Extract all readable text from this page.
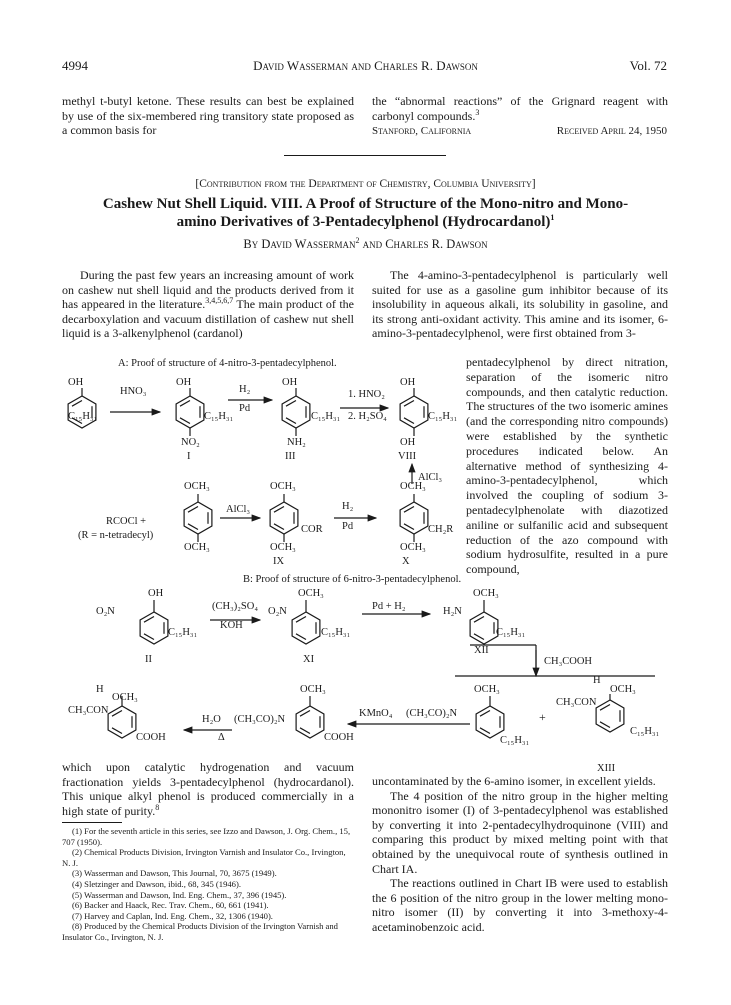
4994	David Wasserman and Charles R. Dawson	Vol. 72

methyl t-butyl ketone. These results can best be explained by use of the six-membered ring transitory state proposed as a common basis for

the “abnormal reactions” of the Grignard reagent with carbonyl compounds.$^3$

Stanford, California	Received April 24, 1950
[Contribution from the Department of Chemistry, Columbia University]
Cashew Nut Shell Liquid. VIII. A Proof of Structure of the Mono-nitro and Mono-
amino Derivatives of 3-Pentadecylphenol (Hydrocardanol)$^1$
By David Wasserman$^2$ and Charles R. Dawson

During the past few years an increasing amount of work on cashew nut shell liquid and the products derived from it has appeared in the literature.$^{3,4,5,6,7}$ The main product of the decarboxylation and vacuum distillation of cashew nut shell liquid is a 3-alkenylphenol (cardanol)

The 4-amino-3-pentadecylphenol is particularly well suited for use as a gasoline gum inhibitor because of its insolubility in aqueous alkali, its solubility in gasoline, and its strong anti-oxidant activity. This amine and its isomer, 6-amino-3-pentadecylphenol, were first obtained from 3-

pentadecylphenol by direct nitration, separation of the isomeric nitro compounds, and then catalytic reduction. The structures of the two isomeric amines (and the corresponding nitro compounds) were established by the synthetic procedures indicated below. An alternative method of synthesizing 4-amino-3-pentadecylphenol, which involved the coupling of sodium 3-pentadecylphenolate with diazotized aniline or sulfanilic acid and subsequent reduction of the azo compound with sodium hydrosulfite, resulted in a pure compound,

A: Proof of structure of 4-nitro-3-pentadecylphenol.
OH
C₁₅H₃₁
HNO₃
OH
C₁₅H₃₁
NO₂
I
H₂
Pd
OH
C₁₅H₃₁
NH₂
III
1. HNO₂
2. H₂SO₄
OH
C₁₅H₃₁
OH
VIII
AlCl₃
OCH₃
RCOCl +
(R = n-tetradecyl)
OCH₃
AlCl₃
OCH₃
COR
OCH₃
IX
H₂
Pd
OCH₃
CH₂R
OCH₃
X
B: Proof of structure of 6-nitro-3-pentadecylphenol.
OH
O₂N
C₁₅H₃₁
II
(CH₃)₂SO₄
KOH
OCH₃
O₂N
C₁₅H₃₁
XI
Pd + H₂
OCH₃
H₂N
C₁₅H₃₁
XII
CH₃COOH
H
OCH₃
CH₃CON
COOH
H₂O
Δ
(CH₃CO)₂N
OCH₃
COOH
KMnO₄ (CH₃CO)₂N
OCH₃
C₁₅H₃₁
+
H
OCH₃
CH₃CON
C₁₅H₃₁
XIII

which upon catalytic hydrogenation and vacuum fractionation yields 3-pentadecylphenol (hydrocardanol). This unique alkyl phenol is produced commercially in a high state of purity.$^8$

(1) For the seventh article in this series, see Izzo and Dawson, J. Org. Chem., 15, 707 (1950).

(2) Chemical Products Division, Irvington Varnish and Insulator Co., Irvington, N. J.

(3) Wasserman and Dawson, This Journal, 70, 3675 (1949).

(4) Sletzinger and Dawson, ibid., 68, 345 (1946).

(5) Wasserman and Dawson, Ind. Eng. Chem., 37, 396 (1945).

(6) Backer and Haack, Rec. Trav. Chem., 60, 661 (1941).

(7) Harvey and Caplan, Ind. Eng. Chem., 32, 1306 (1940).

(8) Produced by the Chemical Products Division of the Irvington Varnish and Insulator Co., Irvington, N. J.

uncontaminated by the 6-amino isomer, in excellent yields.

The 4 position of the nitro group in the higher melting mononitro isomer (I) of 3-pentadecylphenol was established by converting it into 2-pentadecylhydroquinone (VIII) and comparing this product by mixed melting point with that obtained by the unequivocal route of synthesis outlined in Chart IA.

The reactions outlined in Chart IB were used to establish the 6 position of the nitro group in the lower melting mono-nitro isomer (II) by converting it into 3-methoxy-4-acetaminobenzoic acid.
